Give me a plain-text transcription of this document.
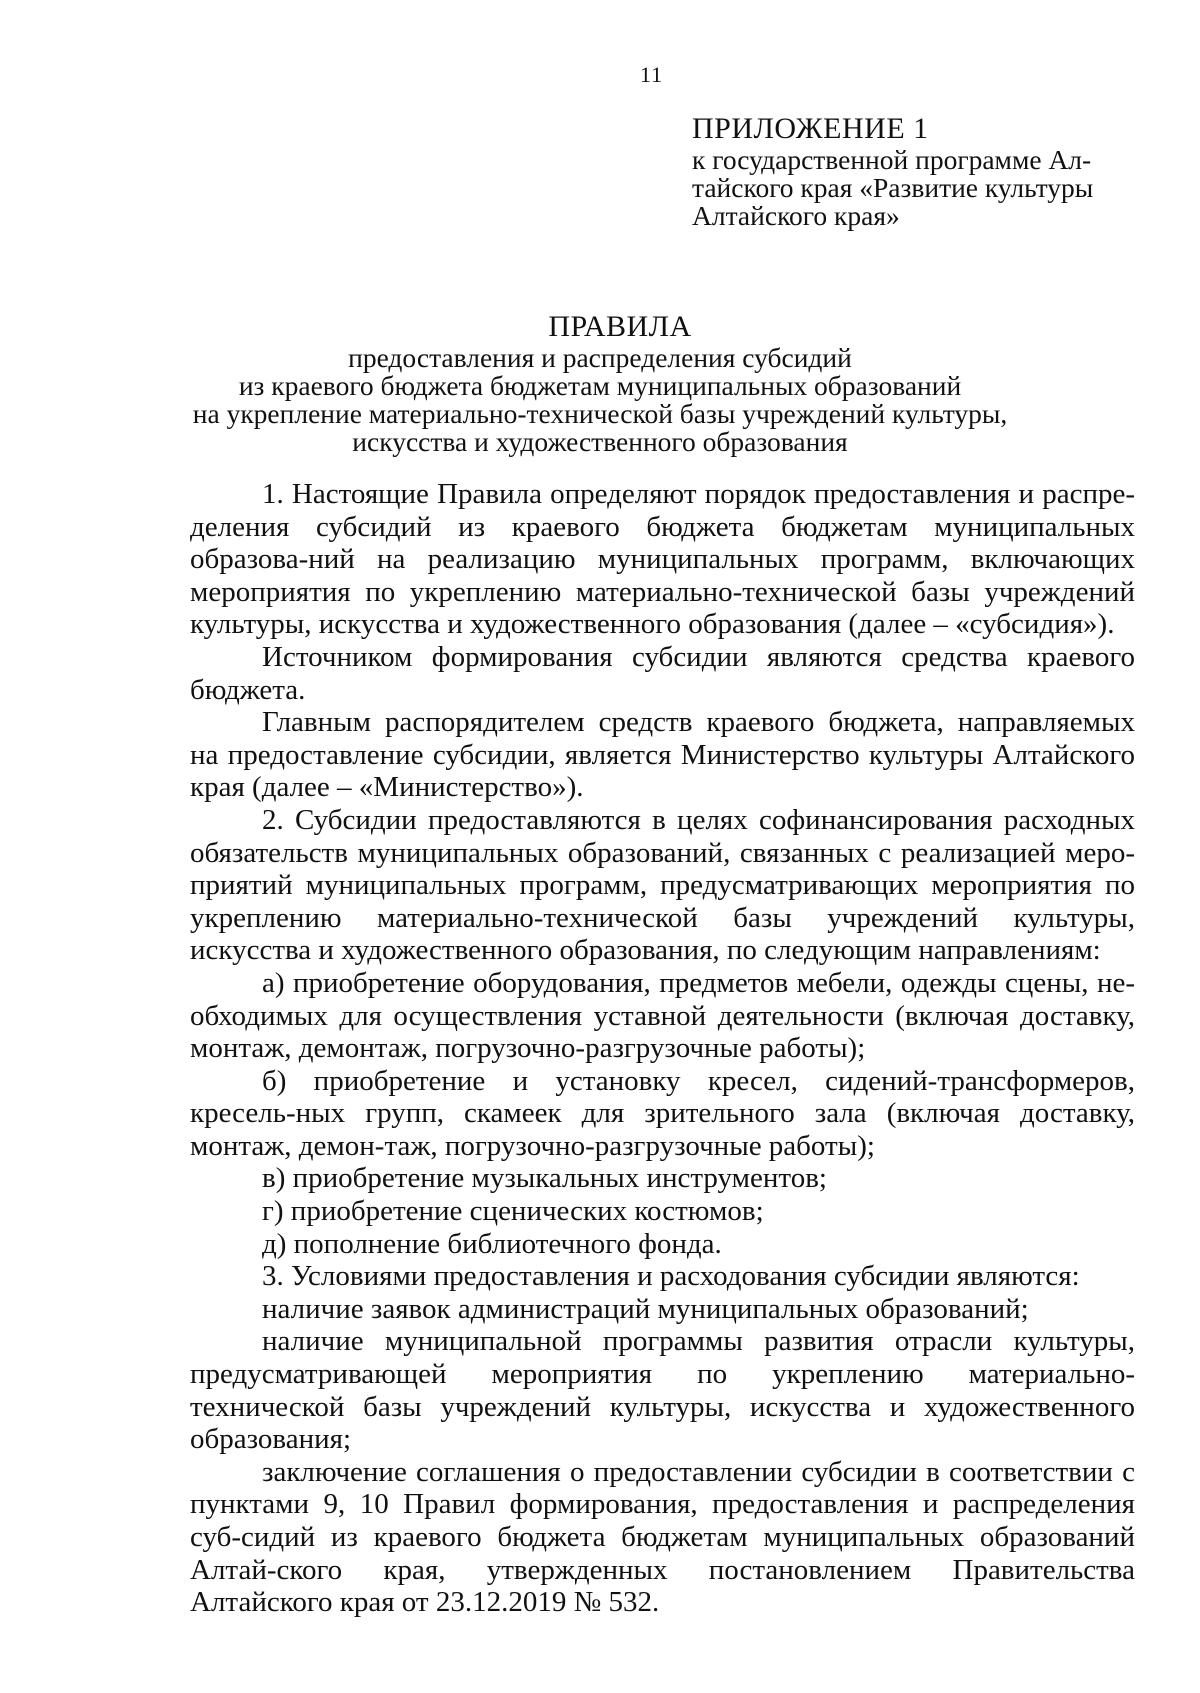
11
ПРИЛОЖЕНИЕ 1
к государственной программе Ал-
тайского края «Развитие культуры
Алтайского края»
ПРАВИЛА
предоставления и распределения субсидий
из краевого бюджета бюджетам муниципальных образований
на укрепление материально-технической базы учреждений культуры,
искусства и художественного образования

1. Настоящие Правила определяют порядок предоставления и распре-деления субсидий из краевого бюджета бюджетам муниципальных образова-ний на реализацию муниципальных программ, включающих мероприятия по укреплению материально-технической базы учреждений культуры, искусства и художественного образования (далее – «субсидия»).

Источником формирования субсидии являются средства краевого бюджета.

Главным распорядителем средств краевого бюджета, направляемых на предоставление субсидии, является Министерство культуры Алтайского края (далее – «Министерство»).

2. Субсидии предоставляются в целях софинансирования расходных обязательств муниципальных образований, связанных с реализацией меро-приятий муниципальных программ, предусматривающих мероприятия по укреплению материально-технической базы учреждений культуры, искусства и художественного образования, по следующим направлениям:

а) приобретение оборудования, предметов мебели, одежды сцены, не-обходимых для осуществления уставной деятельности (включая доставку, монтаж, демонтаж, погрузочно-разгрузочные работы);

б) приобретение и установку кресел, сидений-трансформеров, кресель-ных групп, скамеек для зрительного зала (включая доставку, монтаж, демон-таж, погрузочно-разгрузочные работы);

в) приобретение музыкальных инструментов;

г) приобретение сценических костюмов;

д) пополнение библиотечного фонда.

3. Условиями предоставления и расходования субсидии являются:

наличие заявок администраций муниципальных образований;

наличие муниципальной программы развития отрасли культуры, предусматривающей мероприятия по укреплению материально-технической базы учреждений культуры, искусства и художественного образования;

заключение соглашения о предоставлении субсидии в соответствии с пунктами 9, 10 Правил формирования, предоставления и распределения суб-сидий из краевого бюджета бюджетам муниципальных образований Алтай-ского края, утвержденных постановлением Правительства Алтайского края от 23.12.2019 № 532.
